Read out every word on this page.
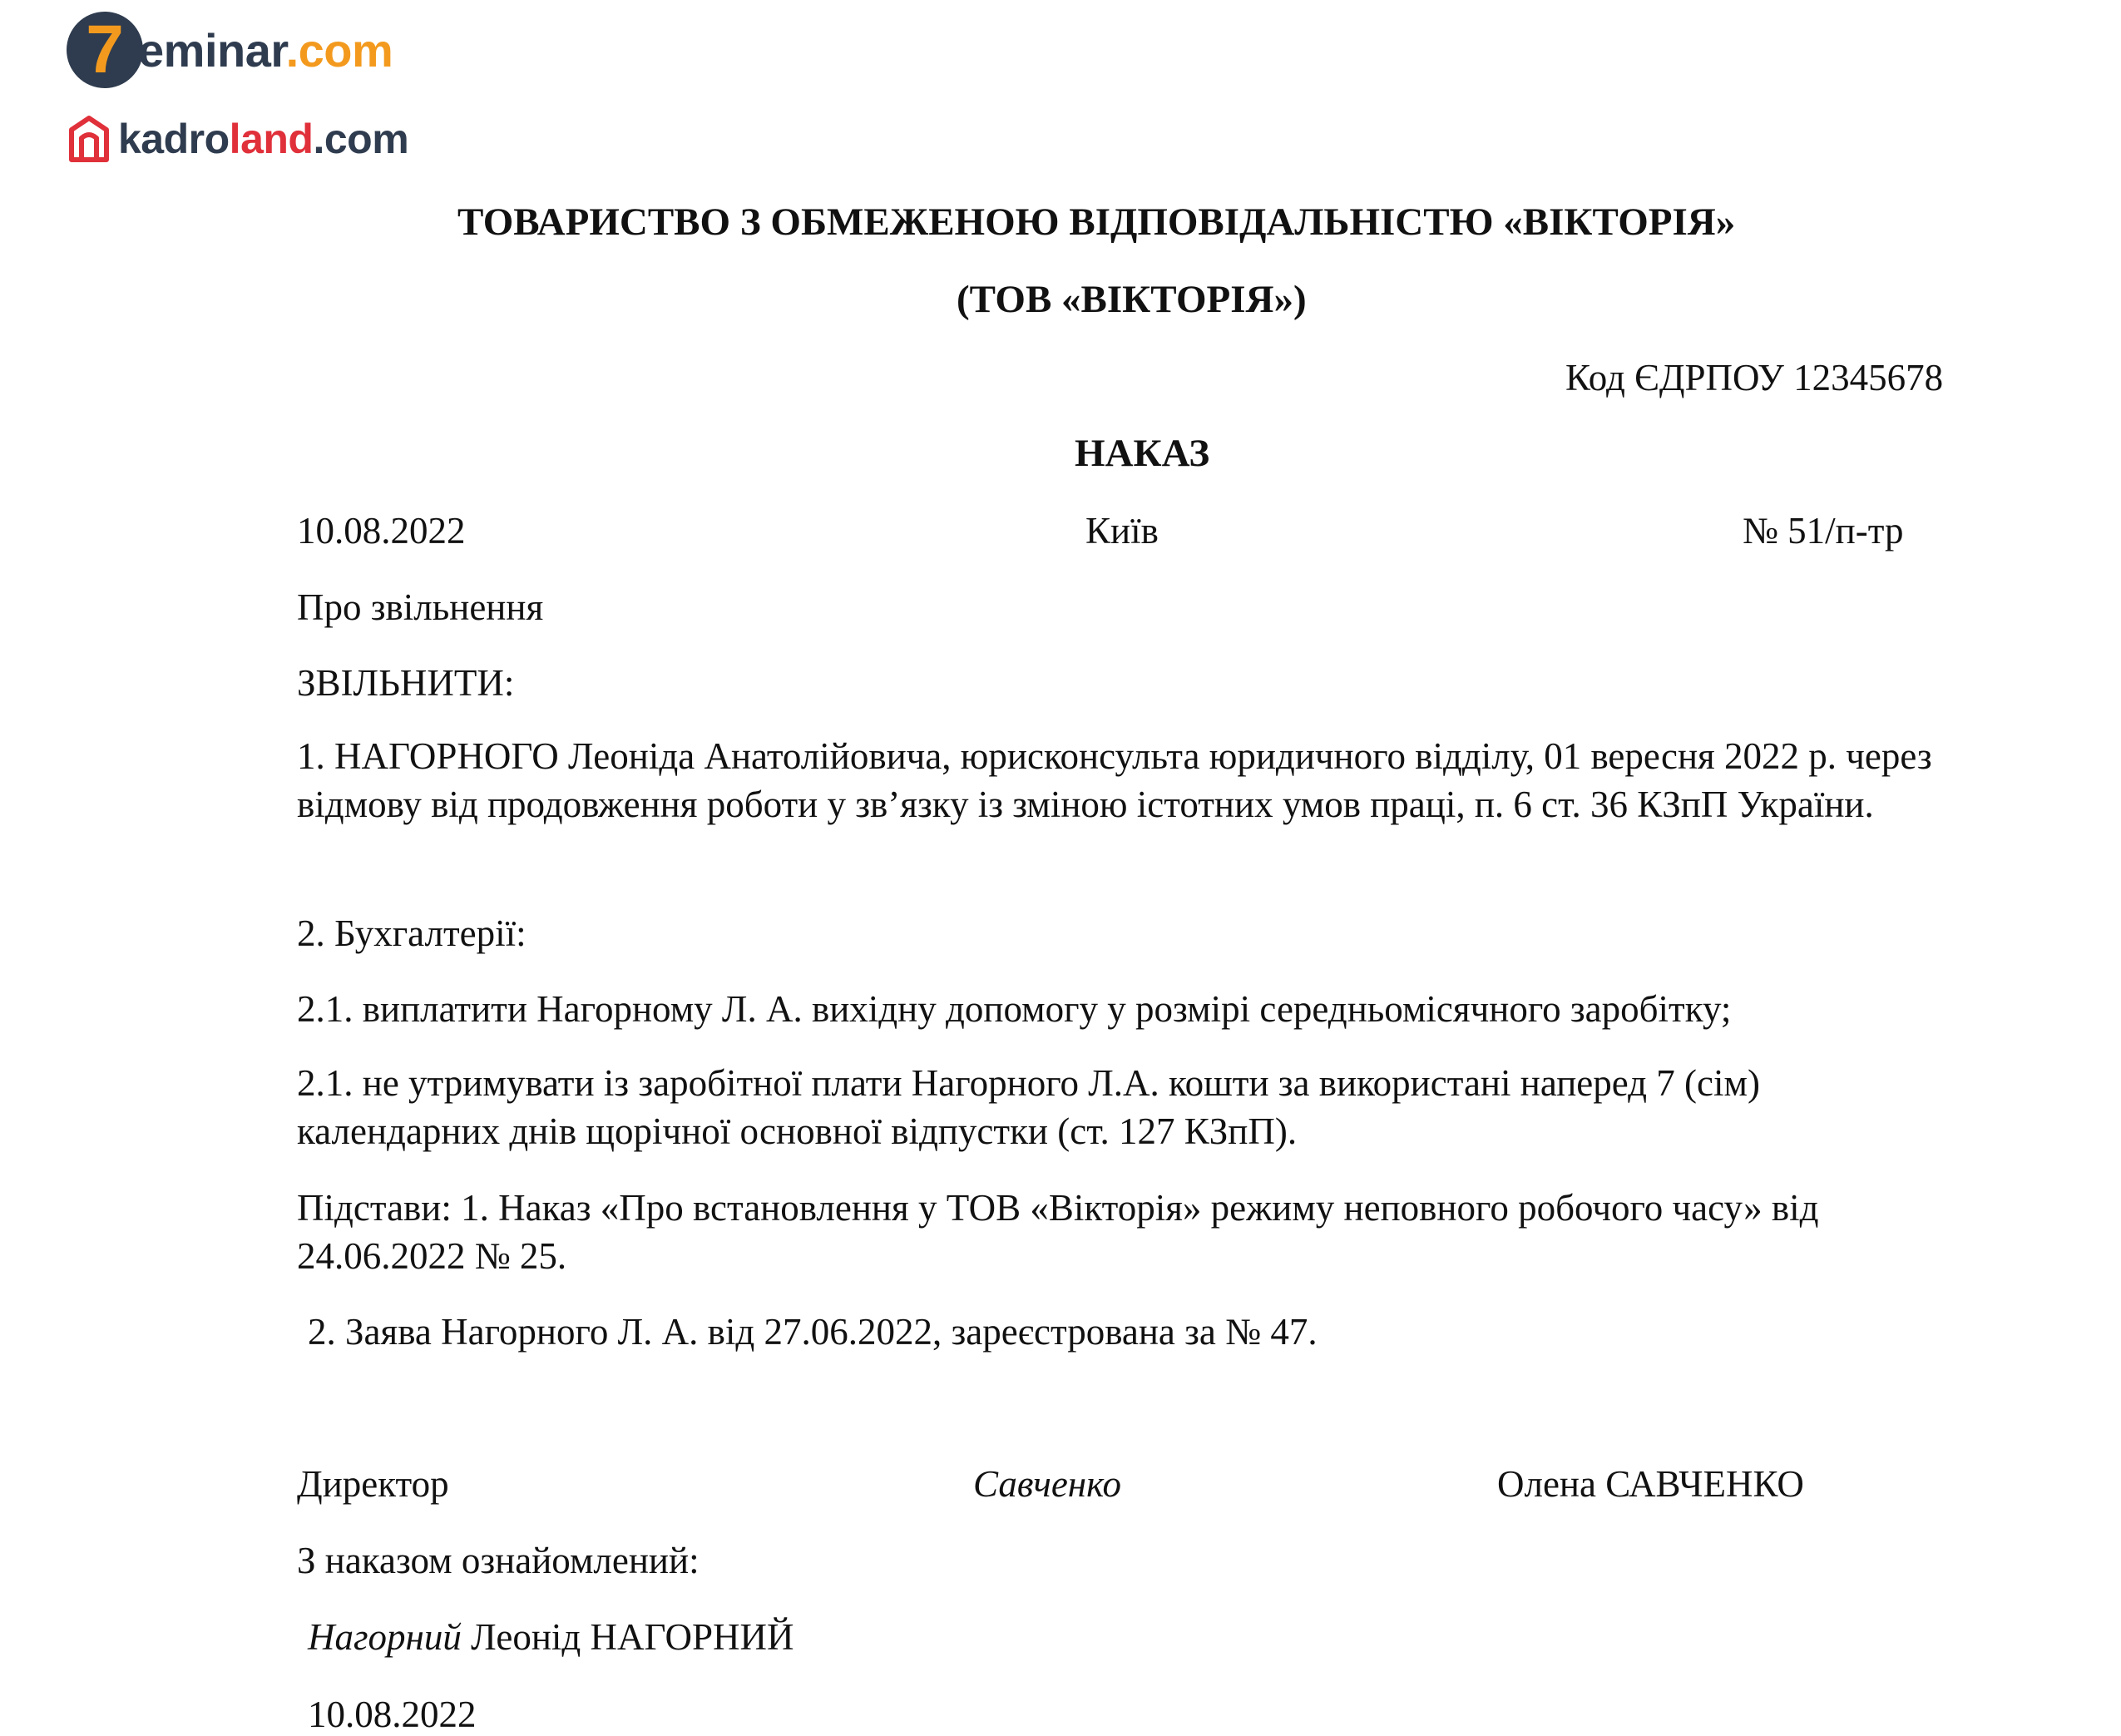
7 eminar.com
kadro land .com
ТОВАРИСТВО З ОБМЕЖЕНОЮ ВІДПОВІДАЛЬНІСТЮ «ВІКТОРІЯ»
(ТОВ «ВІКТОРІЯ»)
Код ЄДРПОУ 12345678
НАКАЗ
10.08.2022	Київ	№ 51/п-тр
Про звільнення
ЗВІЛЬНИТИ:
1. НАГОРНОГО Леоніда Анатолійовича, юрисконсульта юридичного відділу, 01 вересня 2022 р. через відмову від продовження роботи у зв’язку із зміною істотних умов праці, п. 6 ст. 36 КЗпП України.
2. Бухгалтерії:
2.1. виплатити Нагорному Л. А. вихідну допомогу у розмірі середньомісячного заробітку;
2.1. не утримувати із заробітної плати Нагорного Л.А. кошти за використані наперед 7 (сім) календарних днів щорічної основної відпустки (ст. 127 КЗпП).
Підстави: 1. Наказ «Про встановлення у ТОВ «Вікторія» режиму неповного робочого часу» від 24.06.2022 № 25.
2. Заява Нагорного Л. А. від 27.06.2022, зареєстрована за № 47.
Директор	Савченко	Олена САВЧЕНКО
З наказом ознайомлений:
Нагорний Леонід НАГОРНИЙ
10.08.2022
